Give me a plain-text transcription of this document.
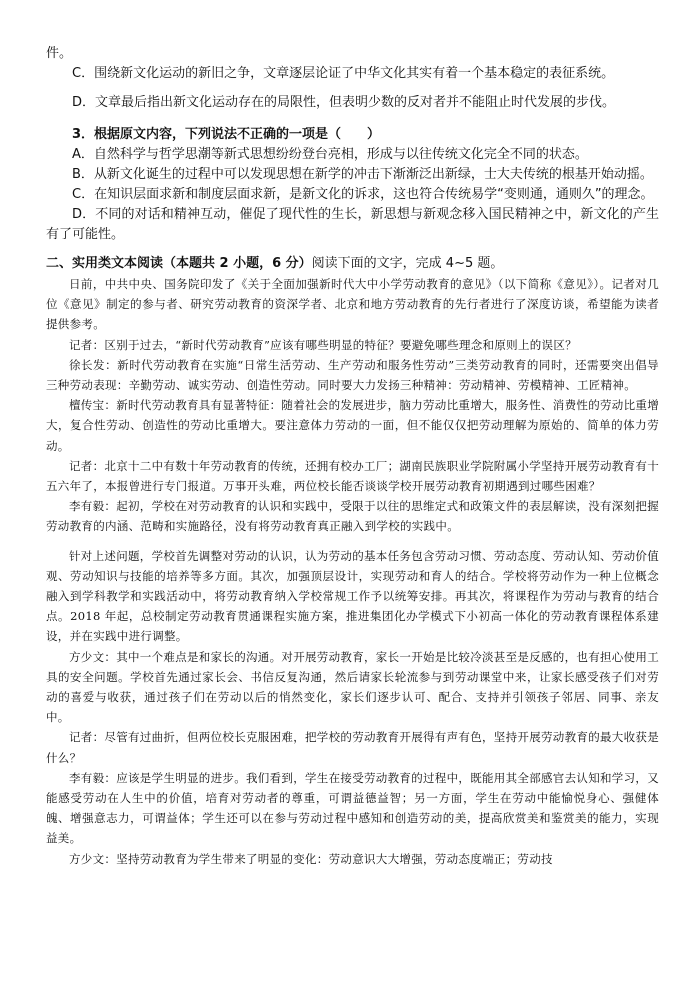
件。

C．围绕新文化运动的新旧之争，文章逐层论证了中华文化其实有着一个基本稳定的表征系统。

D．文章最后指出新文化运动存在的局限性，但表明少数的反对者并不能阻止时代发展的步伐。

3．根据原文内容，下列说法不正确的一项是（　　）

A．自然科学与哲学思潮等新式思想纷纷登台亮相，形成与以往传统文化完全不同的状态。

B．从新文化诞生的过程中可以发现思想在新学的冲击下渐渐泛出新绿，士大夫传统的根基开始动摇。

C．在知识层面求新和制度层面求新，是新文化的诉求，这也符合传统易学“变则通，通则久”的理念。

D．不同的对话和精神互动，催促了现代性的生长，新思想与新观念移入国民精神之中，新文化的产生有了可能性。

二、实用类文本阅读（本题共 2 小题，6 分）阅读下面的文字，完成 4~5 题。

日前，中共中央、国务院印发了《关于全面加强新时代大中小学劳动教育的意见》（以下简称《意见》）。记者对几位《意见》制定的参与者、研究劳动教育的资深学者、北京和地方劳动教育的先行者进行了深度访谈，希望能为读者提供参考。

记者：区别于过去，“新时代劳动教育”应该有哪些明显的特征？要避免哪些理念和原则上的误区？

徐长发：新时代劳动教育在实施“日常生活劳动、生产劳动和服务性劳动”三类劳动教育的同时，还需要突出倡导三种劳动表现：辛勤劳动、诚实劳动、创造性劳动。同时要大力发扬三种精神：劳动精神、劳模精神、工匠精神。

檀传宝：新时代劳动教育具有显著特征：随着社会的发展进步，脑力劳动比重增大，服务性、消费性的劳动比重增大，复合性劳动、创造性的劳动比重增大。要注意体力劳动的一面，但不能仅仅把劳动理解为原始的、简单的体力劳动。

记者：北京十二中有数十年劳动教育的传统，还拥有校办工厂；湖南民族职业学院附属小学坚持开展劳动教育有十五六年了，本报曾进行专门报道。万事开头难，两位校长能否谈谈学校开展劳动教育初期遇到过哪些困难？

李有毅：起初，学校在对劳动教育的认识和实践中，受限于以往的思维定式和政策文件的表层解读，没有深刻把握劳动教育的内涵、范畴和实施路径，没有将劳动教育真正融入到学校的实践中。

针对上述问题，学校首先调整对劳动的认识，认为劳动的基本任务包含劳动习惯、劳动态度、劳动认知、劳动价值观、劳动知识与技能的培养等多方面。其次，加强顶层设计，实现劳动和育人的结合。学校将劳动作为一种上位概念融入到学科教学和实践活动中，将劳动教育纳入学校常规工作予以统筹安排。再其次，将课程作为劳动与教育的结合点。2018 年起，总校制定劳动教育贯通课程实施方案，推进集团化办学模式下小初高一体化的劳动教育课程体系建设，并在实践中进行调整。

方少文：其中一个难点是和家长的沟通。对开展劳动教育，家长一开始是比较冷淡甚至是反感的，也有担心使用工具的安全问题。学校首先通过家长会、书信反复沟通，然后请家长轮流参与到劳动课堂中来，让家长感受孩子们对劳动的喜爱与收获，通过孩子们在劳动以后的悄然变化，家长们逐步认可、配合、支持并引领孩子邻居、同事、亲友中。

记者：尽管有过曲折，但两位校长克服困难，把学校的劳动教育开展得有声有色，坚持开展劳动教育的最大收获是什么？

李有毅：应该是学生明显的进步。我们看到，学生在接受劳动教育的过程中，既能用其全部感官去认知和学习，又能感受劳动在人生中的价值，培育对劳动者的尊重，可谓益德益智；另一方面，学生在劳动中能愉悦身心、强健体魄、增强意志力，可谓益体；学生还可以在参与劳动过程中感知和创造劳动的美，提高欣赏美和鉴赏美的能力，实现益美。

方少文：坚持劳动教育为学生带来了明显的变化：劳动意识大大增强，劳动态度端正；劳动技
